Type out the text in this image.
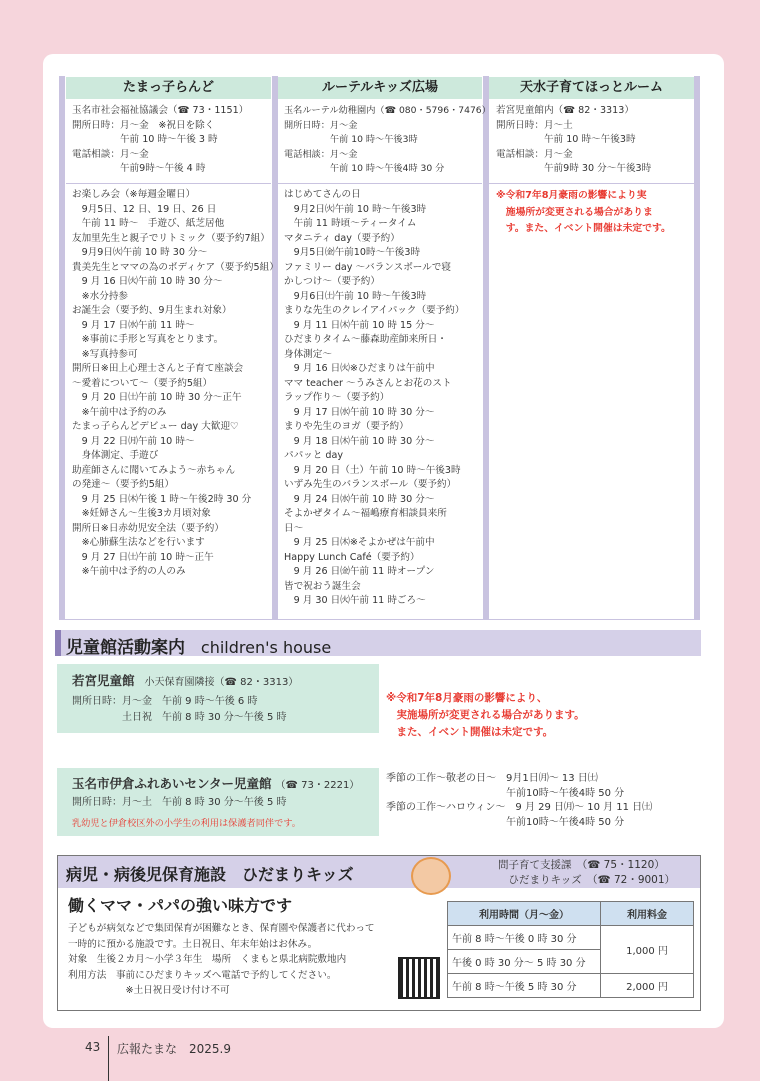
たまっ子らんど	ルーテルキッズ広場	天水子育てほっとルーム
玉名市社会福祉協議会（☎ 73・1151）
開所日時：月～金　※祝日を除く
　　　　　午前 10 時～午後 3 時
電話相談：月～金
　　　　　午前9時～午後 4 時
玉名ルーテル幼稚園内（☎ 080・5796・7476）
開所日時：月～金
　　　　　午前 10 時～午後3時
電話相談：月～金
　　　　　午前 10 時～午後4時 30 分
若宮児童館内（☎ 82・3313）
開所日時：月～土
　　　　　午前 10 時～午後3時
電話相談：月～金
　　　　　午前9時 30 分～午後3時
お楽しみ会（※毎週金曜日）
　9月5日、12 日、19 日、26 日
　午前 11 時～　手遊び、紙芝居他
友加里先生と親子でリトミック（要予約7組）
　9月9日㈫午前 10 時 30 分～
貴美先生とママの為のボディケア（要予約5組）
　9 月 16 日㈫午前 10 時 30 分～
　※水分持参
お誕生会（要予約、9月生まれ対象）
　9 月 17 日㈬午前 11 時～
　※事前に手形と写真をとります。
　※写真持参可
開所日※田上心理士さんと子育て座談会
～愛着について～（要予約5組）
　9 月 20 日㈯午前 10 時 30 分～正午
　※午前中は予約のみ
たまっ子らんどデビュー day 大歓迎♡
　9 月 22 日㈪午前 10 時～
　身体測定、手遊び
助産師さんに聞いてみよう～赤ちゃん
の発達～（要予約5組）
　9 月 25 日㈭午後 1 時～午後2時 30 分
　※妊婦さん～生後3カ月頃対象
開所日※日赤幼児安全法（要予約）
　※心肺蘇生法などを行います
　9 月 27 日㈯午前 10 時～正午
　※午前中は予約の人のみ
はじめてさんの日
　9月2日㈫午前 10 時～午後3時
　午前 11 時頃～ティータイム
マタニティ day（要予約）
　9月5日㈮午前10時～午後3時
ファミリー day ～バランスボールで寝
かしつけ～（要予約）
　9月6日㈯午前 10 時～午後3時
まりな先生のクレイアイパック（要予約）
　9 月 11 日㈭午前 10 時 15 分～
ひだまりタイム～藤森助産師来所日・
身体測定～
　9 月 16 日㈫※ひだまりは午前中
ママ teacher ～うみさんとお花のスト
ラップ作り～（要予約）
　9 月 17 日㈬午前 10 時 30 分～
まりや先生のヨガ（要予約）
　9 月 18 日㈭午前 10 時 30 分～
パパッと day
　9 月 20 日（土）午前 10 時～午後3時
いずみ先生のバランスボール（要予約）
　9 月 24 日㈬午前 10 時 30 分～
そよかぜタイム～福嶋療育相談員来所
日～
　9 月 25 日㈭※そよかぜは午前中
Happy Lunch Café（要予約）
　9 月 26 日㈮午前 11 時オープン
皆で祝おう誕生会
　9 月 30 日㈫午前 11 時ごろ～
※令和7年8月豪雨の影響により実
　施場所が変更される場合がありま
　す。また、イベント開催は未定です。
児童館活動案内 children's house
若宮児童館 小天保育園隣接（☎ 82・3313）
開所日時：月～金　午前 9 時～午後 6 時
　　　　　土日祝　午前 8 時 30 分～午後 5 時
※令和7年8月豪雨の影響により、
　実施場所が変更される場合があります。
　また、イベント開催は未定です。
玉名市伊倉ふれあいセンター児童館 （☎ 73・2221）
開所日時：月～土　午前 8 時 30 分～午後 5 時
乳幼児と伊倉校区外の小学生の利用は保護者同伴です。
季節の工作～敬老の日～　9月1日㈪～ 13 日㈯
　　　　　　　　　　　　午前10時～午後4時 50 分
季節の工作～ハロウィン～　9 月 29 日㈪～ 10 月 11 日㈯
　　　　　　　　　　　　午前10時～午後4時 50 分
病児・病後児保育施設　ひだまりキッズ	問子育て支援課　（☎ 75・1120）
　ひだまりキッズ　（☎ 72・9001）
働くママ・パパの強い味方です
子どもが病気などで集団保育が困難なとき、保育園や保護者に代わって
一時的に預かる施設です。土日祝日、年末年始はお休み。
対象　生後２カ月～小学３年生　場所　くまもと県北病院敷地内
利用方法　事前にひだまりキッズへ電話で予約してください。
　　　　　　※土日祝日受け付け不可
利用時間（月～金）	利用料金
午前 8 時～午後 0 時 30 分	1,000 円
午後 0 時 30 分～ 5 時 30 分	
午前 8 時～午後 5 時 30 分	2,000 円
43 広報たまな　2025.9
